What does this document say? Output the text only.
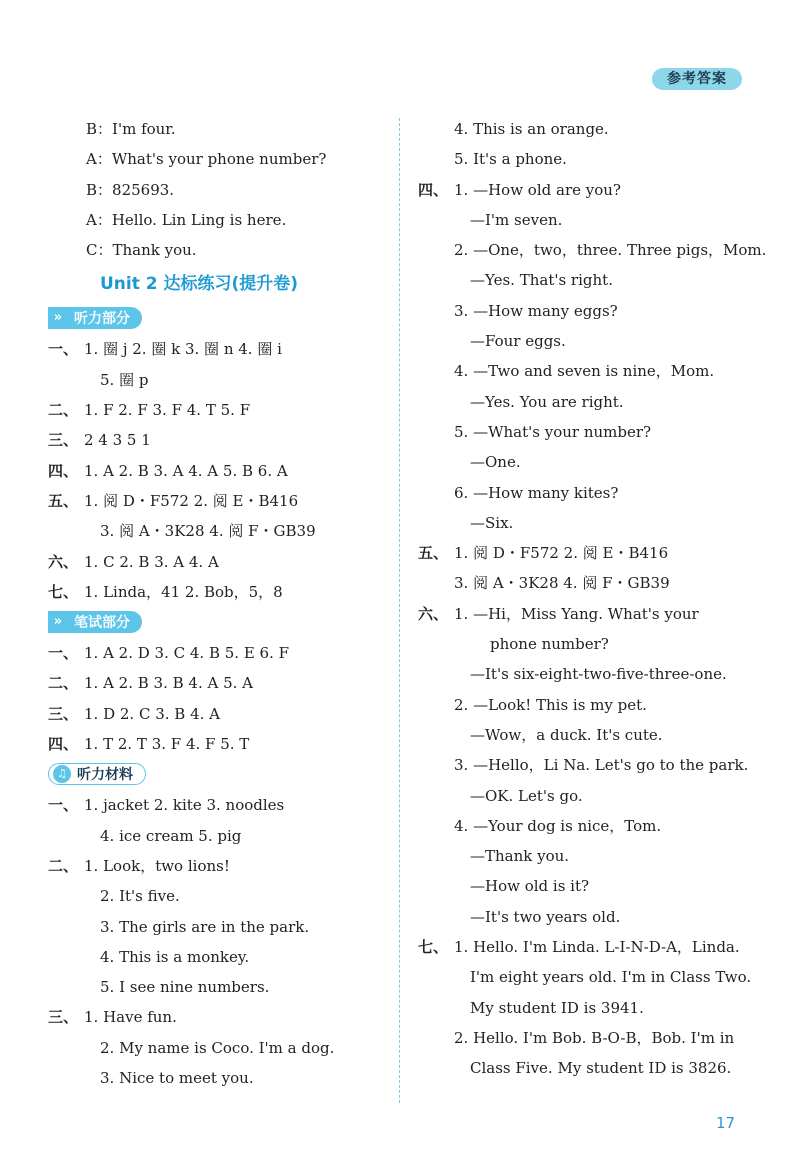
参考答案
B：I'm four.
A：What's your phone number?
B：825693.
A：Hello. Lin Ling is here.
C：Thank you.
Unit 2 达标练习(提升卷)
» 听力部分
一、 1. 圈 j 2. 圈 k 3. 圈 n 4. 圈 i
5. 圈 p
二、 1. F 2. F 3. F 4. T 5. F
三、 2 4 3 5 1
四、 1. A 2. B 3. A 4. A 5. B 6. A
五、 1. 阅 D・F572 2. 阅 E・B416
3. 阅 A・3K28 4. 阅 F・GB39
六、 1. C 2. B 3. A 4. A
七、 1. Linda，41 2. Bob，5，8
» 笔试部分
一、 1. A 2. D 3. C 4. B 5. E 6. F
二、 1. A 2. B 3. B 4. A 5. A
三、 1. D 2. C 3. B 4. A
四、 1. T 2. T 3. F 4. F 5. T
♫ 听力材料
一、 1. jacket 2. kite 3. noodles
4. ice cream 5. pig
二、 1. Look，two lions!
2. It's five.
3. The girls are in the park.
4. This is a monkey.
5. I see nine numbers.
三、 1. Have fun.
2. My name is Coco. I'm a dog.
3. Nice to meet you.
4. This is an orange.
5. It's a phone.
四、 1. —How old are you?
—I'm seven.
2. —One，two，three. Three pigs，Mom.
—Yes. That's right.
3. —How many eggs?
—Four eggs.
4. —Two and seven is nine，Mom.
—Yes. You are right.
5. —What's your number?
—One.
6. —How many kites?
—Six.
五、 1. 阅 D・F572 2. 阅 E・B416
3. 阅 A・3K28 4. 阅 F・GB39
六、 1. —Hi，Miss Yang. What's your
phone number?
—It's six-eight-two-five-three-one.
2. —Look! This is my pet.
—Wow，a duck. It's cute.
3. —Hello，Li Na. Let's go to the park.
—OK. Let's go.
4. —Your dog is nice，Tom.
—Thank you.
—How old is it?
—It's two years old.
七、 1. Hello. I'm Linda. L-I-N-D-A，Linda.
I'm eight years old. I'm in Class Two.
My student ID is 3941.
2. Hello. I'm Bob. B-O-B，Bob. I'm in
Class Five. My student ID is 3826.
17
